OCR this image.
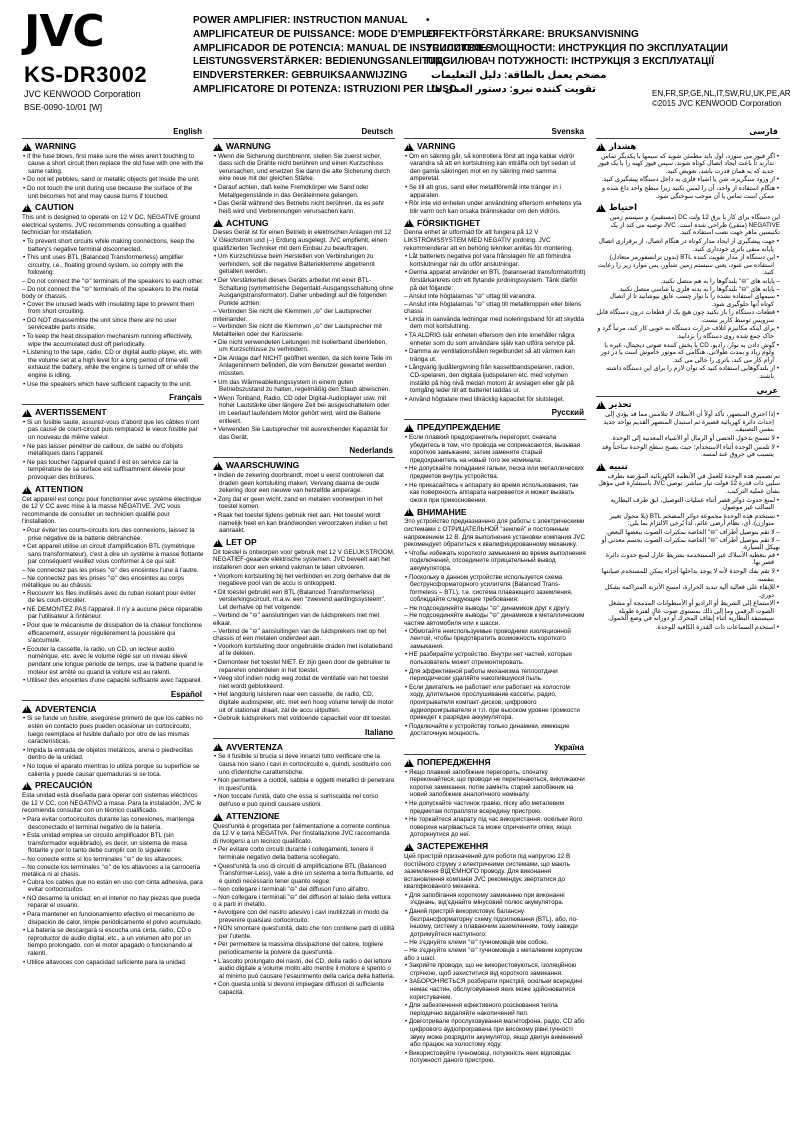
JVC
KS-DR3002
JVC KENWOOD Corporation
BSE-0090-10/01 [W]
POWER AMPLIFIER: INSTRUCTION MANUAL
AMPLIFICATEUR DE PUISSANCE: MODE D'EMPLOI
AMPLIFICADOR DE POTENCIA: MANUAL DE INSTRUCCIONES
LEISTUNGSVERSTÄRKER: BEDIENUNGSANLEITUNG
EINDVERSTERKER: GEBRUIKSAANWIJZING
AMPLIFICATORE DI POTENZA: ISTRUZIONI PER L'USO
• EFFEKTFÖRSTÄRKARE: BRUKSANVISNING
УСИЛИТЕЛЬ МОЩНОСТИ: ИНСТРУКЦИЯ ПО ЭКСПЛУАТАЦИИ
ПІДСИЛЮВАЧ ПОТУЖНОСТІ: ІНСТРУКЦІЯ З ЕКСПЛУАТАЦІЇ
مضخم يعمل بالطاقة: دليل التعليمات
تقویت کننده نیرو: دستور العمل ها	EN,FR,SP,GE,NL,IT,SW,RU,UK,PE,AR
©2015 JVC KENWOOD Corporation
English
!
WARNING
• If the fuse blows, first make sure the wires aren't touching to cause a short circuit then replace the old fuse with one with the same rating.
• Do not let pebbles, sand or metallic objects get inside the unit.
• Do not touch the unit during use because the surface of the unit becomes hot and may cause burns if touched.
!
CAUTION

This unit is designed to operate on 12 V DC, NEGATIVE ground electrical systems. JVC recommends consulting a qualified technician for installation.

• To prevent short circuits while making connections, keep the battery's negative terminal disconnected.
• This unit uses BTL (Balanced Transformerless) amplifier circuitry, i.e., floating ground system, so comply with the following:
– Do not connect the "⊖" terminals of the speakers to each other.
– Do not connect the "⊖" terminals of the speakers to the metal body or chassis.
• Cover the unused leads with insulating tape to prevent them from short circuiting.
• DO NOT disassemble the unit since there are no user serviceable parts inside.
• To keep the heat dissipation mechanism running effectively, wipe the accumulated dust off periodically.
• Listening to the tape, radio, CD or digital audio player, etc. with the volume set at a high level for a long period of time will exhaust the battery, while the engine is turned off or while the engine is idling.
• Use the speakers which have sufficient capacity to the unit.
Français
!
AVERTISSEMENT
• Si un fusible saute, assurez-vous d'abord que les câbles n'ont pas causé de court-circuit puis remplacez le vieux fusible par un nouveau de même valeur.
• Ne pas laisser pénétrer de cailloux, de sable ou d'objets métalliques dans l'appareil.
• Ne pas toucher l'appareil quand il est en service car la température de sa surface est suffisamment élevée pour provoquer des brûlures.
!
ATTENTION

Cet appareil est conçu pour fonctionner avec système électrique de 12 V CC avec mise à la masse NÉGATIVE. JVC vous recommande de consulter un technicien qualifié pour l'installation.

• Pour éviter les courts-circuits lors des connexions, laissez la prise négative de la batterie débranchée.
• Cet appareil utilise un circuit d'amplification BTL (symétrique sans transformateur), c'est à dire un système à masse flottante par conséquent veuillez vous conformer à ce qui suit:
– Ne connectez pas les prises "⊖" des enceintes l'une à l'autre.
– Ne connectez pas les prises "⊖" des enceintes au corps métallique ou au châssis.
• Recouvrir les files inutilisés avec du ruban isolant pour éviter de les court-circuiter.
• NE DEMONTEZ PAS l'appareil. Il n'y a aucune pièce réparable par l'utilisateur à l'intérieur.
• Pour que le mécanisme de dissipation de la chaleur fonctionne efficacement, essuyer régulièrement la poussière qui s'accumule.
• Ecouter la cassette, la radio, un CD, un lecteur audio numérique, etc. avec le volume réglé sur un niveau élevé pendant une longue période de temps, use la batterie quand le moteur est arrêté ou quand la voiture est au ralenti.
• Utilisez des enceintes d'une capacité suffisante avec l'appareil.
Español
!
ADVERTENCIA
• Si se funde un fusible, asegúrese primero de que los cables no estén en contacto pues pueden ocasionar un cortocircuito, luego reemplace el fusible dañado por otro de las mismas características.
• Impida la entrada de objetos metálicos, arena o piedrecillas dentro de la unidad.
• No toque el aparato mientras lo utiliza porque su superficie se calienta y puede causar quemaduras si se toca.
!
PRECAUCIÓN

Esta unidad está diseñada para operar con sistemas eléctricos de 12 V CC, con NEGATIVO a masa. Para la instalación, JVC le recomienda consultar con un técnico cualificado.

• Para evitar cortocircuitos durante las conexiones, mantenga desconectado el terminal negativo de la batería.
• Esta unidad emplea un circuito amplificador BTL (sin transformador equilibrado), es decir, un sistema de masa flotante y por lo tanto debe cumplir con lo siguiente:
– No conecte entre sí los terminales "⊖" de los altavoces.
– No conecte los terminales "⊖" de los altavoces a la carrocería metálica ni al chasis.
• Cubra los cables que no están en uso con cinta adhesiva, para evitar cortocircuitos.
• NO desarme la unidad; en el interior no hay piezas que pueda reparar el usuario.
• Para mantener en funcionamiento efectivo el mecanismo de disipación de calor, limpie periódicamente el polvo acumulado.
• La batería se descargará si escucha una cinta, radio, CD o reproductor de audio digital, etc., a un volumen alto por un tiempo prolongado, con el motor apagado o funcionando al ralentí.
• Utilice altavoces con capacidad suficiente para la unidad.
Deutsch
!
WARNUNG
• Wenn die Sicherung durchbrennt, stellen Sie zuerst sicher, dass sich die Drähte nicht berühren und einen Kurzschluss verursachen, und ersetzen Sie dann die alte Sicherung durch eine neue mit der gleichen Stärke.
• Darauf achten, daß keine Fremdkörper wie Sand oder Metallgegenstände in das Geräteinnere gelangen.
• Das Gerät während des Betriebs nicht berühren, da es sehr heiß wird und Verbrennungen verursachen kann.
!
ACHTUNG

Dieses Gerät ist für einen Betrieb in elektrischen Anlagen mit 12 V Gleichstrom und (–) Erdung ausgelegt. JVC empfiehlt, einen qualifizierten Techniker mit dem Einbau zu beauftragen.

• Um Kurzschlüsse beim Herstellen von Verbindungen zu verhindern, soll die negative Batterieklemme abgetrennt gehalten werden.
• Der Verstärkerteil dieses Geräts arbeitet mit einer BTL-Schaltung (symmetrische Gegentakt-Ausgangsschaltung ohne Ausgangstransformator). Daher unbedingt auf die folgenden Punkte achten:
– Verbinden Sie nicht die Klemmen „⊖" der Lautsprecher miteinander.
– Verbinden Sie nicht die Klemmen „⊖" der Lautsprecher mit Metallteilen oder der Karosserie.
• Die nicht verwendeten Leitungen mit Isolierband überkleben, um Kurzschlüsse zu verhindern.
• Die Anlage darf NICHT geöffnet werden, da sich keine Teile im Anlageninnern befinden, die vom Benutzer gewartet werden müssten.
• Um das Wärmeableitungssystem in einem guten Betriebszustand zu halten, regelmäßig den Staub abwischen.
• Wenn Tonband, Radio, CD oder Digital-Audioplayer usw. mit hoher Lautstärke über längere Zeit bei ausgeschaltetem oder im Leerlauf laufendem Motor gehört wird, wird die Batterie entleert.
• Verwenden Sie Lautsprecher mit ausreichender Kapazität für das Gerät.
Nederlands
!
WAARSCHUWING
• Indien de zekering doorbrandt, moet u eerst controleren dat draden geen kortsluiting maken. Vervang daarna de oude zekering door een nieuwe van hetzelfde amperage.
• Zorg dat er geen wicht, zand en metalen voorwerpen in het toestel komen.
• Raak het toestel tijdens gebruik niet aan. Het toestel wordt namelijk heet en kan brandwonden veroorzaken indien u het aanraakt.
!
LET OP

Dit toestel is ontworpen voor gebruik met 12 V GELIJKSTROOM, NEGATIEF-geaarde elektrische systemen. JVC beveelt aan het installeren door een erkend vakman te laten uitvoeren.

• Voorkom kortsluiting bij het verbinden en zorg derhalve dat de negatieve pool van de accu is ontkoppeld.
• Dit toestel gebruikt een BTL (Balanced Transformerless) versterkingscircuit, m.a.w. een "zwevend aardingssysteem". Let derhalve op het volgende:
– Verbind de "⊖" aansluitingen van de luidsprekers niet met elkaar.
– Verbind de "⊖" aansluitingen van de luidsprekers niet op het chassis of een metalen onderdeel aan.
• Voorkom kortsluiting door ongebruikte draden met isolatieband af te dekken.
• Demonteer het toestel NIET. Er zijn geen door de gebruiker te repareren onderdelen in het toestel.
• Veeg stof indien nodig weg zodat de ventilatie van het toestel niet wordt geblokkeerd.
• Het langdurig luisteren naar een cassette, de radio, CD, digitale audiospeler, etc. met een hoog volume terwijl de motor uit of stationair draait, zal de accu uitputten.
• Gebruik luidsprekers met voldoende capaciteit voor dit toestel.
Italiano
!
AVVERTENZA
• Se il fusibile si brucia si deve innanzi tutto verificare che la causa non siano i cavi in cortocircuito e, quindi, sostituirlo con uno d'identiche caratteristiche.
• Non permettere a ciottoli, sabbia e oggetti metallici di penetrare in quest'unità.
• Non toccate l'unità, dato che essa si surriscalda nel corso dell'uso e può quindi causare ustioni.
!
ATTENZIONE

Quest'unità è progettata per l'alimentazione a corrente continua da 12 V e terra NEGATIVA. Per l'installazione JVC raccomanda di rivolgersi a un tecnico qualificato.

• Per evitare corto circuiti durante i collegamenti, tenere il terminale negativo della batteria scollegato.
• Quest'unità fa uso di circuiti di amplificazione BTL (Balanced Transformer-Less), vale a dire un sistema a terra fluttuante, ed è quindi necessario tener quanto segue:
– Non collegare i terminali "⊖" dei diffusori l'uno all'altro.
– Non collegare i terminali "⊖" dei diffusori al telaio della vettura o a parti in metallo.
• Avvolgere con del nastro adesivo i cavi inutilizzati in modo da prevenire qualsiasi cortocircuito.
• NON smontare quest'unità, dato che non contiene parti di utilità per l'utente.
• Per permettere la massima dissipazione del calore, togliere periodicamente la polvere da quest'unità.
• L'ascolto prolungato dei nastri, dei CD, della radio o del lettore audio digitale a volume molto alto mentre il motore è spento o al minimo può causare l'esaurimento della carica della batteria.
• Con questa unità si devono impiegare diffusori di sufficiente capacità.
Svenska
!
VARNING
• Om en säkring går, så kontrollera först att inga kablar vidrör varandra så att en kortslutning kan inträffa och byt sedan ut den gamla säkringen mot en ny säkring med samma amperetal.
• Se till att grus, sand eller metallföremål inte tränger in i apparaten.
• Rör inte vid enheten under användning eftersom enhetens yta blir varm och kan orsaka brännskador om den vidrörs.
!
FÖRSIKTIGHET

Denna enhet är utformad för att fungera på 12 V LIKSTRÖMSSYSTEM MED NEGATIV jordning. JVC rekommenderar att en behörig tekniker anlitas för montering.

• Låt batteriets negativa pol vara frånslagen för att förhindra kortslutningar när du utför anslutningar.
• Denna apparat använder en BTL (balanserad transformatorfritt) förstärkarkrets och ett flytande jordningssystem. Tänk därför på det följande:
– Anslut inte högtalarnas "⊖" uttag till varandra.
– Anslut inte högtalarnas "⊖" uttag till metallkroppen eller bilens chassi.
• Linda in oanvända ledningar med isoleringsband för att skydda dem mot kortslutning.
• TA ALDRIG isär enheten eftersom den inte innehåller några enheter som du som användare själv kan utföra service på.
• Damma av ventilationshålen regelbundet så att värmen kan tränga ut.
• Långvarig ljudåtergivning från kassettbandspelaren, radion, CD-spelaren, den digitala ljudspelaren etc. med volymen inställd på hög nivå medan motorn är avslagen eller går på tomgång leder till att batteriet laddas ur.
• Använd högtalare med tillräcklig kapacitet för slutsteget.
Русский
!
ПРЕДУПРЕЖДЕНИЕ
• Если плавкий предохранитель перегорит, сначала убедитесь в том, что провода не соприкасаются, вызывая короткое замыкание, затем замените старый предохранитель на новый того же номинала.
• Не допускайте попадания гальки, песка или металлических предметов внутрь устройства.
• Не прикасайтесь к аппарату во время использования, так как поверхность аппарата нагревается и может вызвать ожоги при прикосновении.
!
ВНИМАНИЕ

Это устройство предназначено для работы с электрическими системами с ОТРИЦАТЕЛЬНОЙ "землей" и постоянным напряжением 12 В. Для выполнения установки компания JVC рекомендует обратиться к квалифицированному механику.

• Чтобы избежать короткого замыкания во время выполнения подключений, отсоедините отрицательный вывод аккумулятора.
• Поскольку в данном устройстве используется схема беструнсформаторного усилителя (Balanced Trans-formeless – BTL), т.е. система плавающего заземления, соблюдайте следующие требования:
– Не подсоединяйте выводы "⊖" динамиков друг к другу.
– Не подсоединяйте выводы "⊖" динамиков к металлическим частям автомобиля или к шасси.
• Обмотайте неиспользуемые проводники изоляционной лентой, чтобы предотвратить возможность короткого замыкания.
• НЕ разбирайте устройство. Внутри нет частей, которые пользователь может отремонтировать.
• Для эффективной работы механизма теплоотдачи периодически удаляйте накопившуюся пыль.
• Если двигатель не работает или работает на холостом ходу, длительное прослушивание кассеты, радио, проигрывателя компакт-дисков, цифрового аудиопроигрывателя и т.п. при высоком уровне громкости приведет к разрядке аккумулятора.
• Подключайте к устройству только динамики, имеющие достаточную мощность.
Україна
!
ПОПЕРЕДЖЕННЯ
• Якщо плавкий запобіжник перегорить, спочатку переконайтеся, що проводи не перетинаються, викликаючи коротке замикання, потім замініть старий запобіжник на новий запобіжник аналогічного номіналу.
• Не допускайте частинок гравію, піску або металевим предметам потрапляти всередину пристрою.
• Не торкайтеся апарату під час використання, оскільки його поверхня нагрівається та може спричинити опіки, якщо доторкнутися до неї.
!
ЗАСТЕРЕЖЕННЯ

Цей пристрій призначений для роботи під напругою 12 В постійного струму з електричними системами, що мають заземлення ВІД'ЄМНОГО проводу. Для виконання встановлення компанія JVC рекомендує звертатися до кваліфікованого механіка.

• Для запобігання короткому замиканню при виконанні з'єднань, від'єднайте мінусовий полюс акумулятора.
• Даний пристрій використовує балансну безтрансформаторну схему підсилювання (BTL), або, по-іншому, систему з плаваючим заземленням, тому завжди дотримуйтеся наступного:
– Не з'єднуйте клеми "⊖" гучномовців між собою.
– Не з'єднуйте клеми "⊖" гучномовців з металевим корпусом або з шасі.
• Закрийте проводи, що не використовуються, ізоляційною стрічкою, щоб захиститися від короткого замикання.
• ЗАБОРОНЯЄТЬСЯ розбирати пристрій, оскільки всередині немає частин, обслуговування яких може здійснюватися користувачем.
• Для забезпечення ефективного розсіювання тепла періодично видаляйте накопичений пил.
• Довготривале прослуховування магнітофона, радіо, CD або цифрового аудіопрогравача при високому рівні гучності звуку може розрядити акумулятор, якщо двигун вимкнений або працює на холостому ходу.
• Використовуйте гучномовці, потужність яких відповідає потужності даного пристрою.
فارسی
!
هشدار
• اگر فیوز می سوزد، اول باید مطمئن شوید که سیمها با یکدیگر تماس ندارند تا باعث ایجاد اتصال کوتاه شوند، سپس فیوز کهنه را با یک فیوز جدید که به همان قدرت باشد، تعویض کنید.
• از ورود سنگریزه، شن یا اشیاء فلزی به داخل دستگاه پیشگیری کنید.
• هنگام استفاده از واحد، آن را لمس نکنید زیرا سطح واحد داغ شده و ممکن است تماس با آن موجب سوختگی شود.
!
احتیاط

این دستگاه برای کار با برق 12 ولت DC (مستقیم)، و سیستم زمین NEGATIVE (منفی) طراحی شده است. JVC توصیه می کند از یک تکنیسین ماهر جهت نصب استفاده کنید.

• جهت پیشگیری از ایجاد مدار کوتاه در هنگام اتصال، از برقراری اتصال پایانه منفی باتری خودداری کنید.
• این دستگاه از مدار تقویت کننده BTL (بدون ترانسفورمر متعادل) استفاده می شود، یعنی سیستم زمین شناور، پس موارد زیر را رعایت کنید:
– پایانه های "⊖" بلندگوها را به هم متصل نکنید.
– پایانه های "⊖" بلندگوها را به بدنه فلزی یا شاسی متصل نکنید.
• سیمهای استفاده نشده را با نوار چسب عایق بپوشانید تا از اتصال کوتاه آنها جلوگیری شود.
• قطعات دستگاه را باز نکنید چون هیچ یک از قطعات درون دستگاه قابل سرویس توسط کاربر نیست.
• برای اینکه مکانیزم اتلاف حرارت دستگاه به خوبی کار کند، مرتباً گرد و خاک جمع شده روی دستگاه را بزدایید.
• گوش دادن به نوار، رادیو، CD یا پخش کننده صوتی دیجیتال، غیره با ولوم زیاد و بمدت طولانی، هنگامی که موتور خاموش است یا در دور آرام کار می کند، باتری را خالی می کند.
• از بلندگوهایی استفاده کنید که توان لازم را برای این دستگاه داشته باشند.
عربي
!
تحذير
• إذا احترق المنصهر، تأكد أولاً أن الأسلاك لا تتلامس مما قد يؤدي إلى إحداث دائرة كهربائية قصيرة ثم استبدل المنصهر القديم بواحد جديد بنفس التصنيف.
• لا تسمح بدخول الحصى أو الرمال أو الأشياء المعدنية إلى الوحدة.
• لا تلمس الوحدة أثناء الاستخدام؛ حيث يصبح سطح الوحدة ساخناً وقد يتسبب في حروق عند لمسه.
!
تنبيه

تم تصميم هذه الوحدة للعمل في الأنظمة الكهربائية المؤرضة بطرف سلبي ذات قدرة 12 فولت تيار مباشر. توصي JVC باستشارة فني مؤهل بشأن عملية التركيب.

• لمنع حدوث دوائر قصر أثناء عمليات التوصيل، ابق طرف البطارية السالب غير موصول.
• تستخدم هذه الوحدة مجموعة دوائر المضخم BTL (بلا محول تغيير متوازن)، أي، نظام أرضي عائم، لذا يُرجى الالتزام بما يلي:
– لا تقم بتوصيل أطراف "⊖" الخاصة بمكبرات الصوت ببعضها البعض.
– لا تقم بتوصيل أطراف "⊖" الخاصة بمكبرات الصوت بجسم معدني أو بهيكل السيارة.
• قم بتغطية الأسلاك غير المستخدمة بشريط عازل لمنع حدوث دائرة قصر بها.
• لا تقم بفك الوحدة لأنه لا يوجد بداخلها أجزاء يمكن للمستخدم صيانتها بنفسه.
• للإبقاء على فعالية آلية تبديد الحرارة، امسح الأتربة المتراكمة بشكل دوري.
• الاستماع إلى الشريط أو الراديو أو الأسطوانات المدمجة أو مشغل الصوت الرقمي وما إلى ذلك بمستوى صوت عالٍ لفترة طويلة سيستنفد البطارية أثناء إيقاف المحرك أو دورانه في وضع الخمول.
• استخدم السماعات ذات القدرة الكافية للوحدة.
